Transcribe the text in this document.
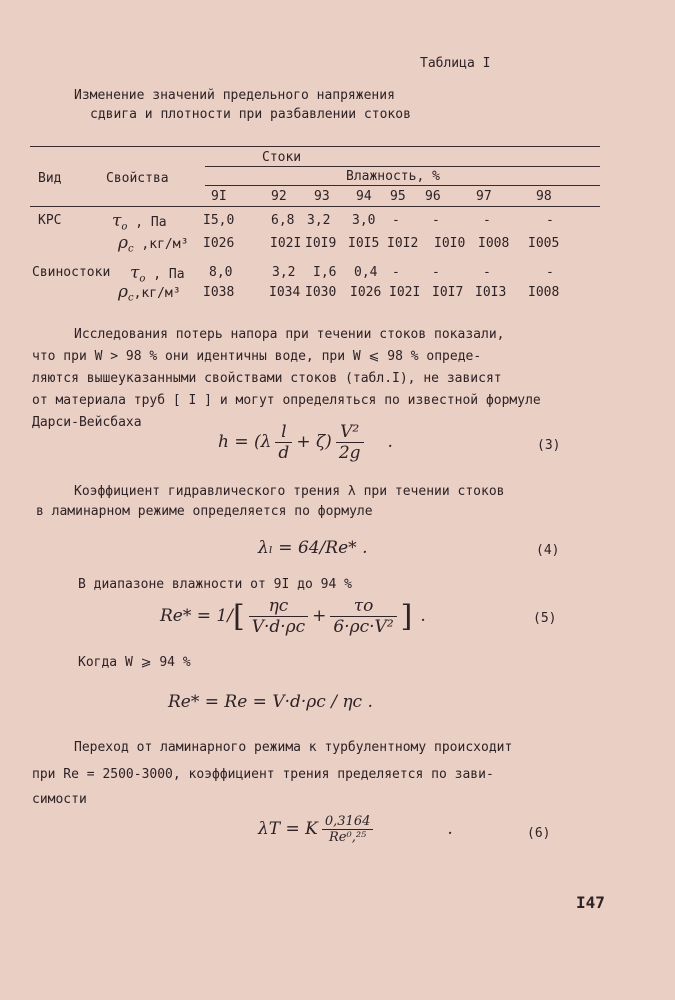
Таблица I
Изменение значений предельного напряжения
сдвига и плотности при разбавлении стоков
Стоки
Вид	Свойства	Влажность, %
9I	92 93 94 95 96	97	98
КРС	$\tau_o$ , Па	I5,0	6,8 3,2 3,0 - -	-	-
$\rho_c$ ,кг/м³ I026	I02I I0I9 I0I5 I0I2 I0I0 I008 I005
Свиностоки $\tau_o$ , Па 8,0	3,2 I,6 0,4 - -	-	-
$\rho_c,кг/м^3$ I038	I034 I030 I026 I02I I0I7 I0I3 I008
Исследования потерь напора при течении стоков показали,
что при W > 98 % они идентичны воде, при W ⩽ 98 % опреде-
ляются вышеуказанными свойствами стоков (табл.I), не зависят
от материала труб [ I ] и могут определяться по известной формуле
Дарси-Вейсбаха
$h = (\lambda \frac{l}{d} + \zeta) \frac{\text{V²}}{2g}$ .	(3)
Коэффициент гидравлического трения λ при течении стоков
в ламинарном режиме определяется по формуле
λₗ = 64/Re* .	(4)
В диапазоне влажности от 9I до 94 %
$Re* = 1/[ \frac{\eta c}{V\cdot d\cdot\rho c} + \frac{\tau o}{\text{6·ρc·V²}}$ ] .	(5)
Когда W ⩾ 94 %
Re* = Re = V·d·ρc / ηc .
Переход от ламинарного режима к турбулентному происходит
при Re = 2500-3000, коэффициент трения пределяется по зави-
симости
λT = K $\frac{0,3164}{\text{Re⁰,²⁵}}$	.	(6)
I47
